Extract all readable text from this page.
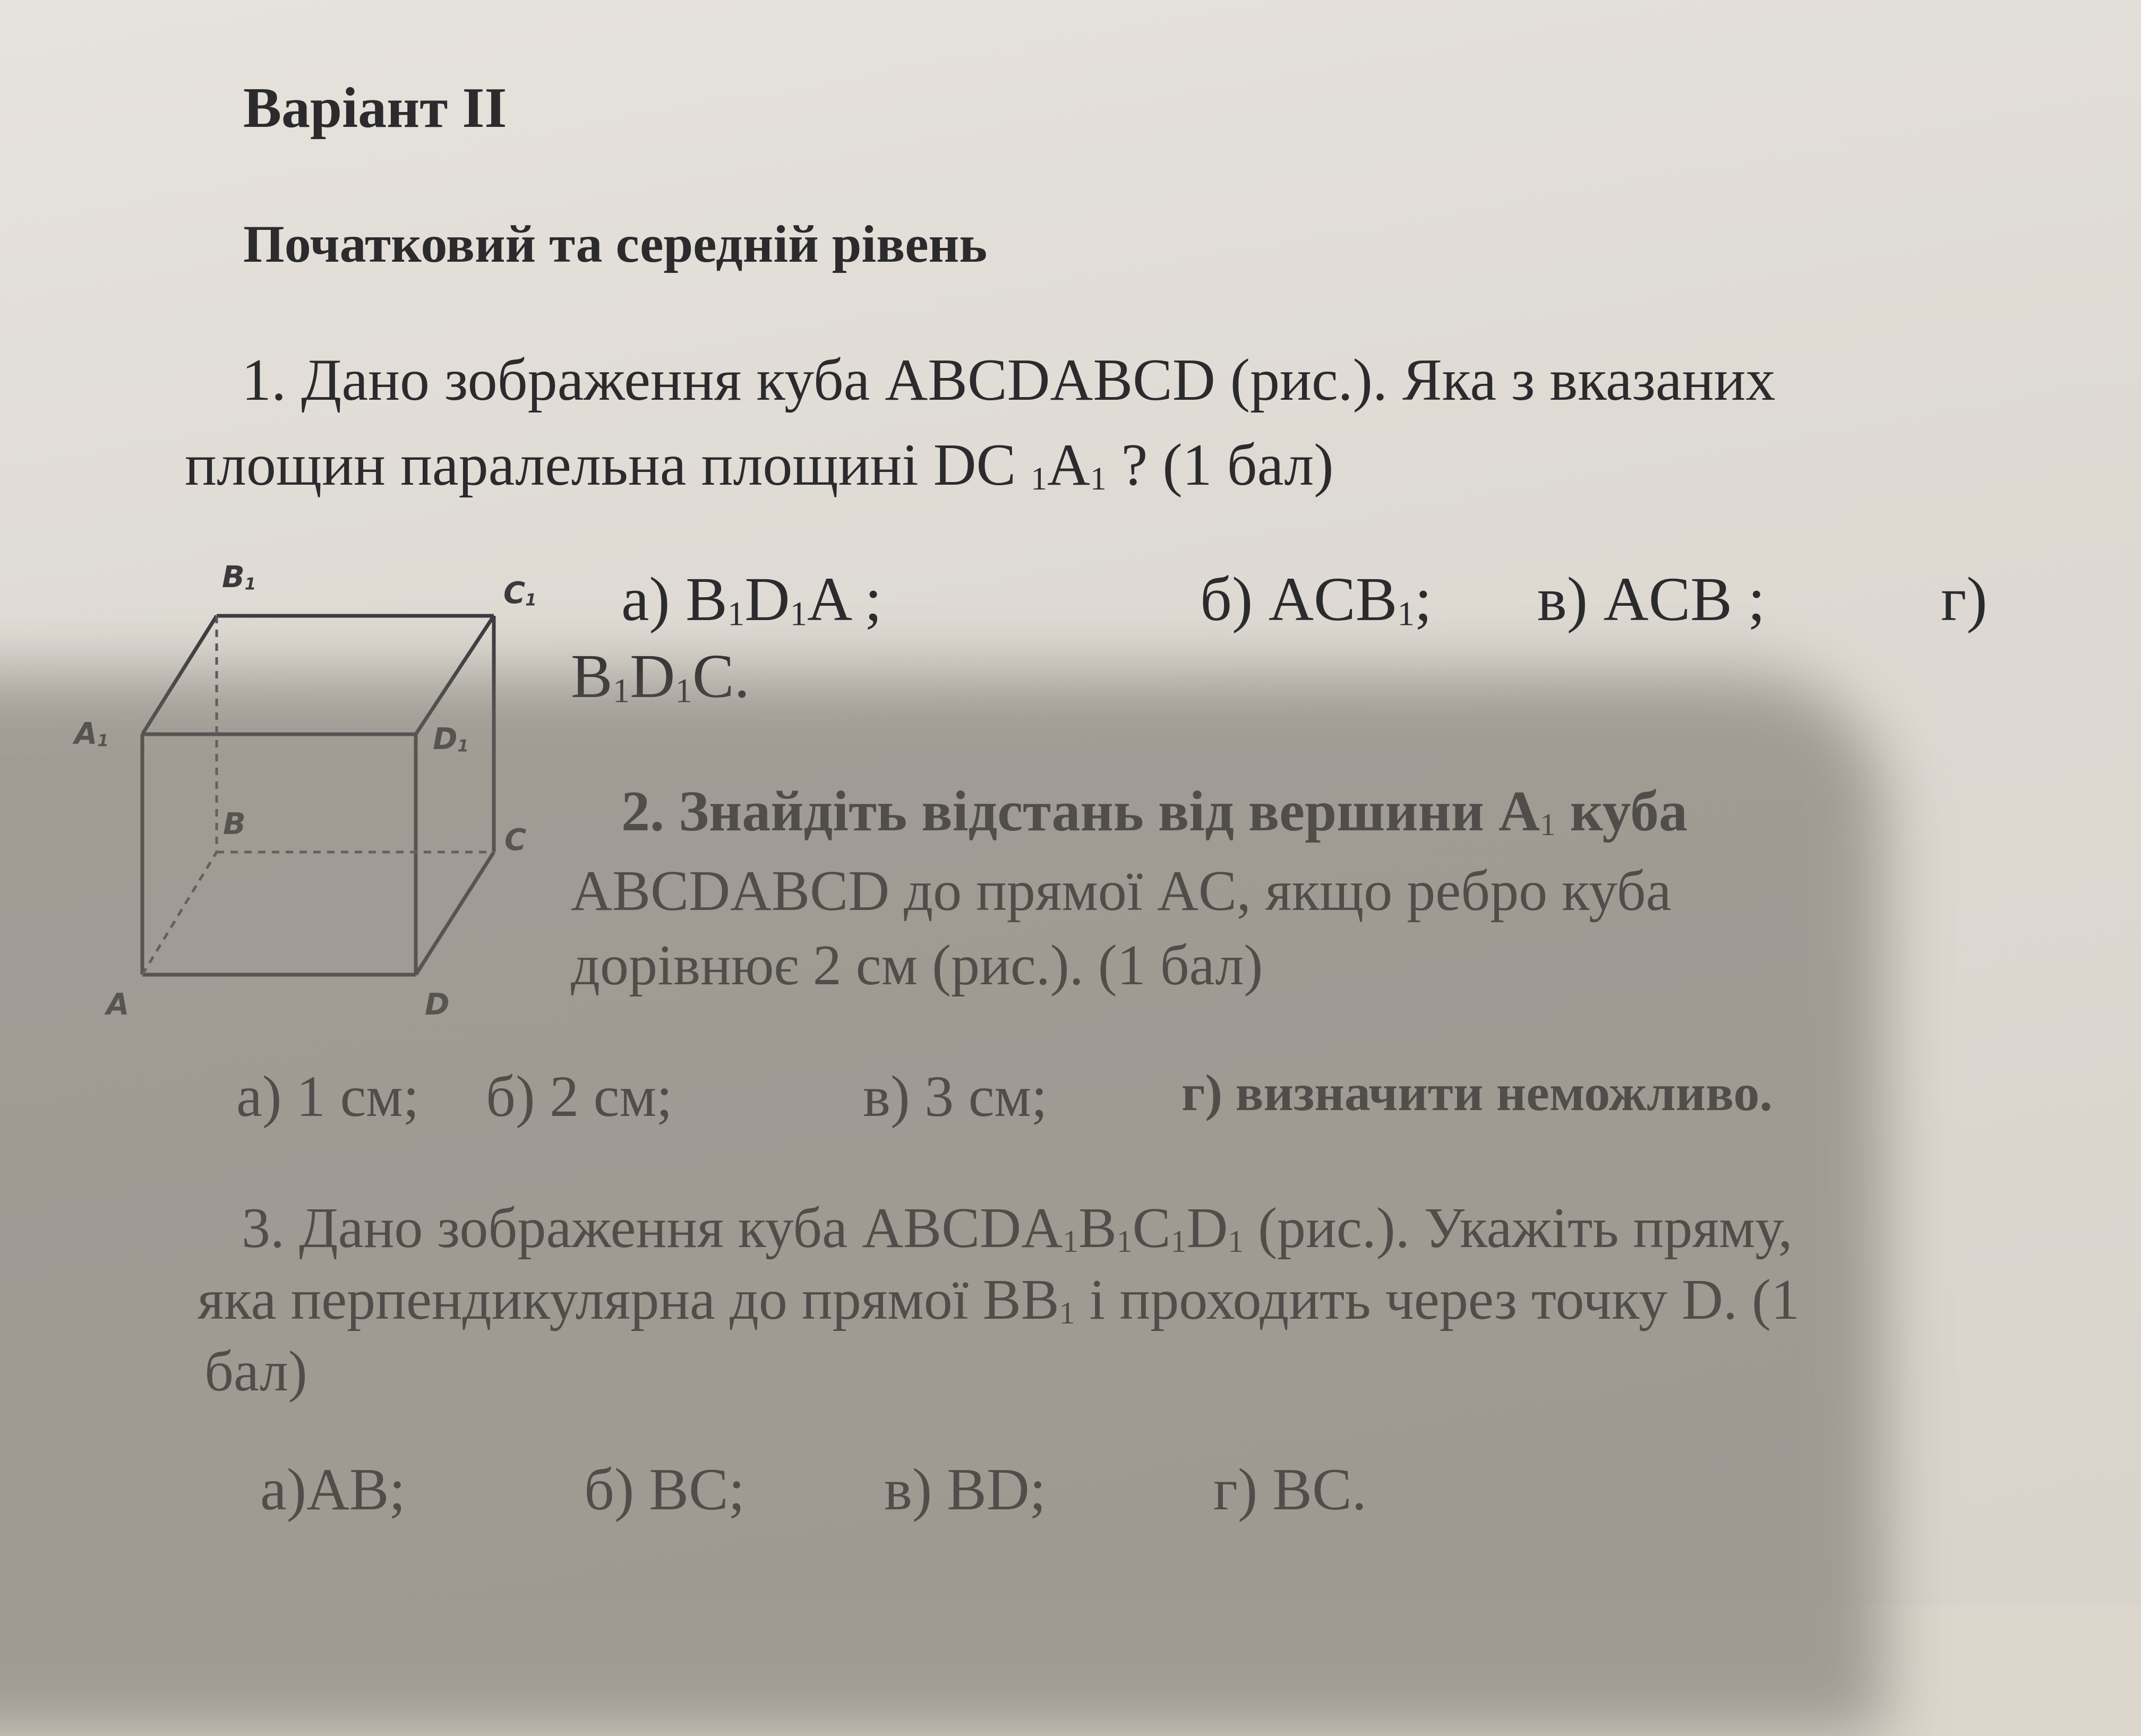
Варіант II
Початковий та середній рівень
1. Дано зображення куба ABCDABCD (рис.). Яка з вказаних
площин паралельна площині DC $_1A_1$ ? (1 бал)
а) $B_1D_1A$ ;	б) $ACB_1$; в) ACB ;	г)
$B_1$	$C_1$
